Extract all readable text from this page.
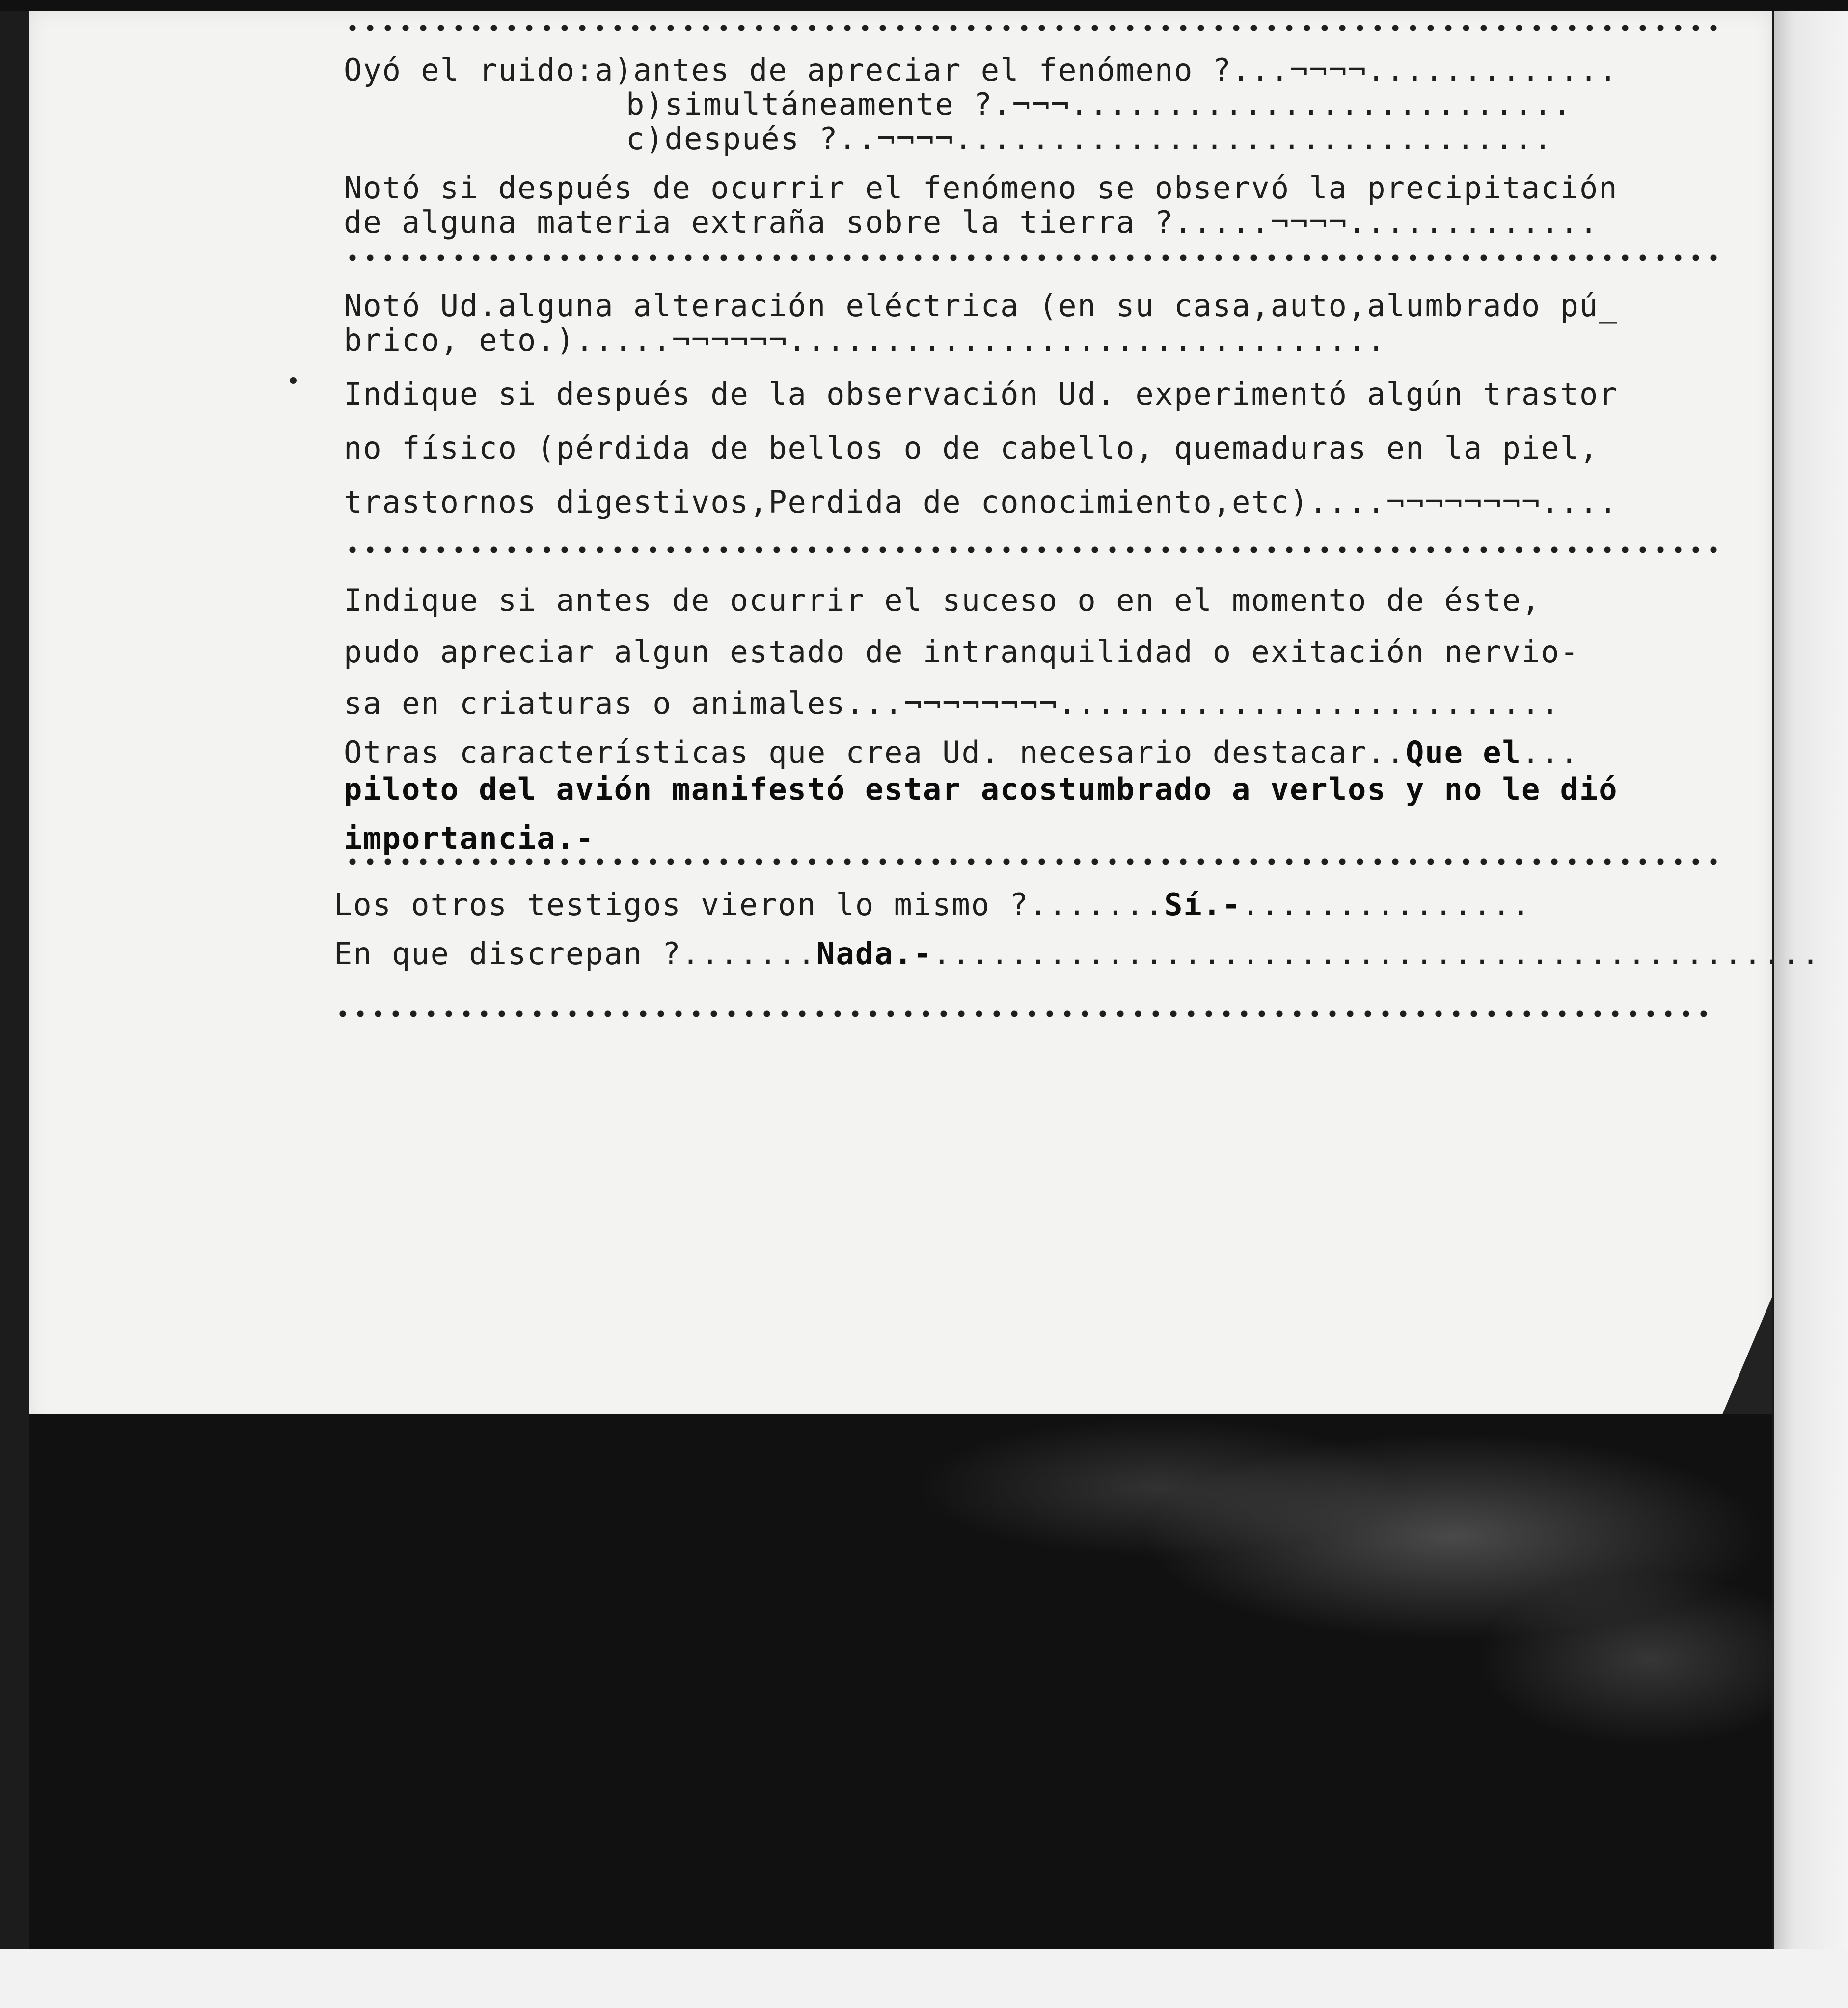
Oyó el ruido:a)antes de apreciar el fenómeno ?...¬¬¬¬.............
b)simultáneamente ?.¬¬¬..........................
c)después ?..¬¬¬¬...............................
Notó si después de ocurrir el fenómeno se observó la precipitación
de alguna materia extraña sobre la tierra ?.....¬¬¬¬.............
Notó Ud.alguna alteración eléctrica (en su casa,auto,alumbrado pú_
brico, eto.).....¬¬¬¬¬¬...............................
Indique si después de la observación Ud. experimentó algún trastor
no físico (pérdida de bellos o de cabello, quemaduras en la piel,
trastornos digestivos,Perdida de conocimiento,etc)....¬¬¬¬¬¬¬¬....
Indique si antes de ocurrir el suceso o en el momento de éste,
pudo apreciar algun estado de intranquilidad o exitación nervio-
sa en criaturas o animales...¬¬¬¬¬¬¬¬..........................
Otras características que crea Ud. necesario destacar..Que el...
piloto del avión manifestó estar acostumbrado a verlos y no le dió
importancia.-
Los otros testigos vieron lo mismo ?.......Sí.-...............
En que discrepan ?.......Nada.-..............................................
